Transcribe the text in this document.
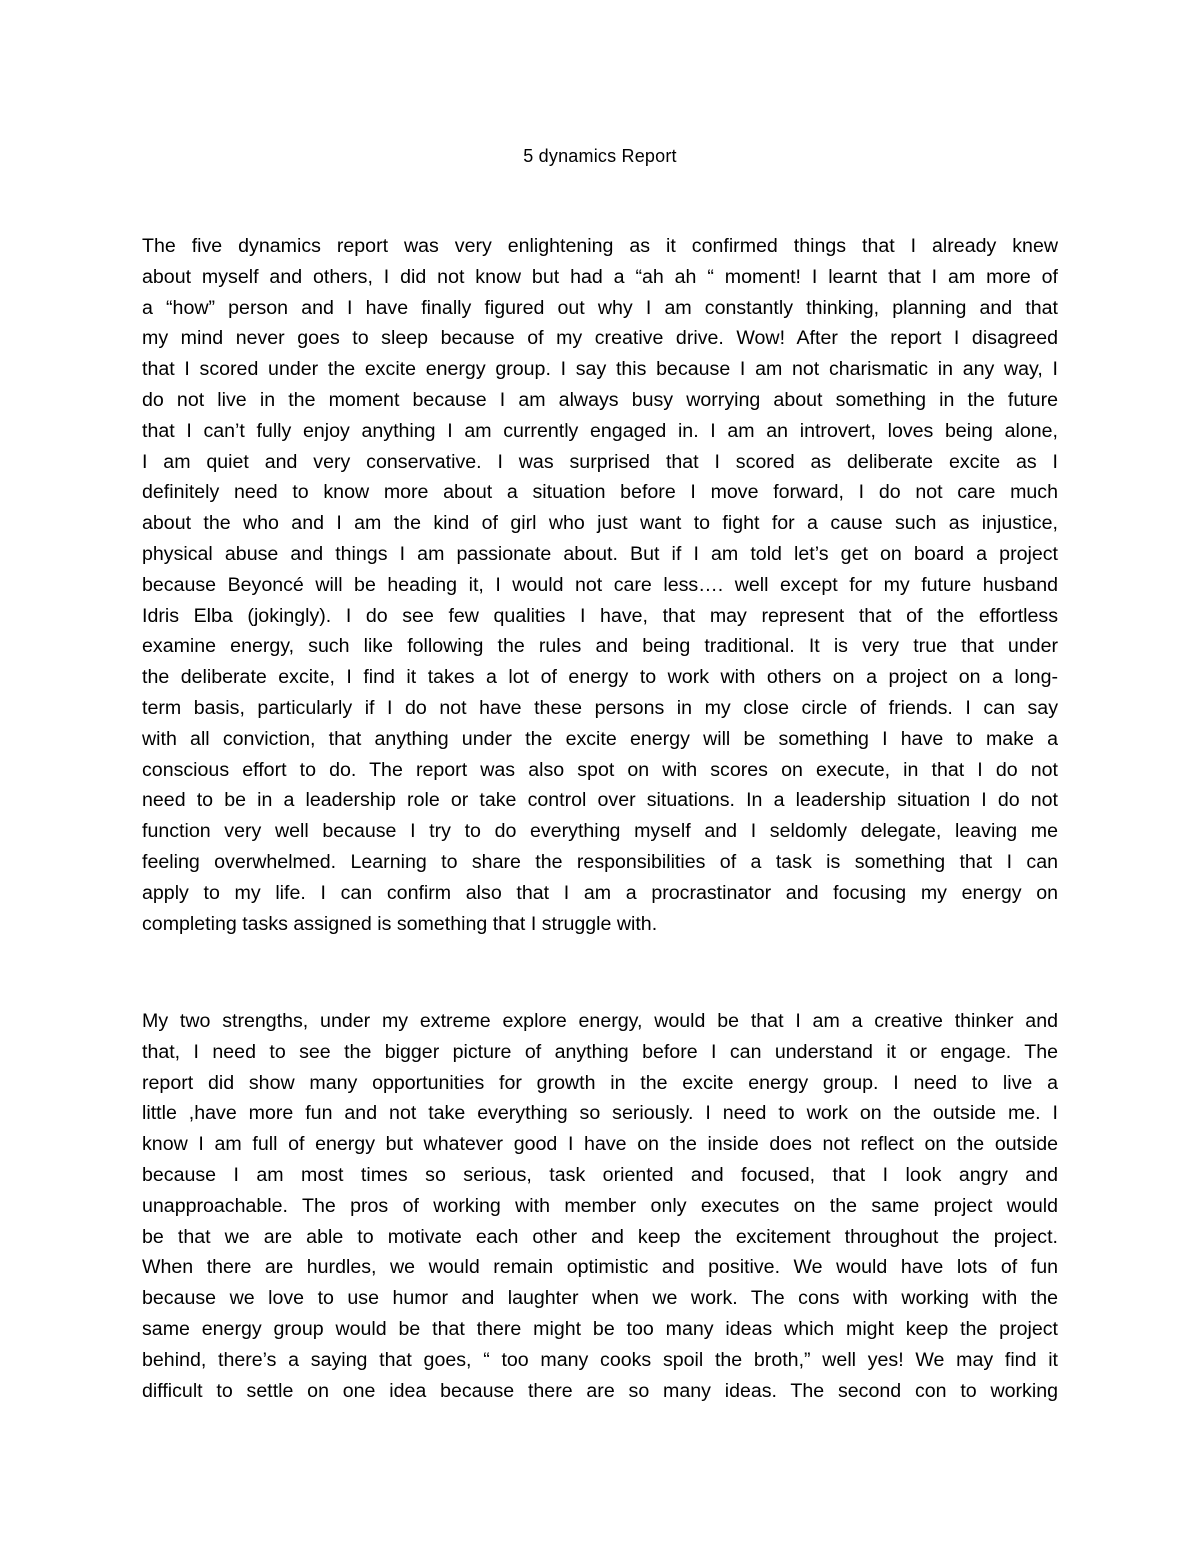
5 dynamics Report
The five dynamics report was very enlightening as it confirmed things that I already knew
about myself and others, I did not know but had a “ah ah “ moment! I learnt that I am more of
a “how” person and I have finally figured out why I am constantly thinking, planning and that
my mind never goes to sleep because of my creative drive. Wow! After the report I disagreed
that I scored under the excite energy group. I say this because I am not charismatic in any way, I
do not live in the moment because I am always busy worrying about something in the future
that I can’t fully enjoy anything I am currently engaged in. I am an introvert, loves being alone,
I am quiet and very conservative. I was surprised that I scored as deliberate excite as I
definitely need to know more about a situation before I move forward, I do not care much
about the who and I am the kind of girl who just want to fight for a cause such as injustice,
physical abuse and things I am passionate about. But if I am told let’s get on board a project
because Beyoncé will be heading it, I would not care less…. well except for my future husband
Idris Elba (jokingly). I do see few qualities I have, that may represent that of the effortless
examine energy, such like following the rules and being traditional. It is very true that under
the deliberate excite, I find it takes a lot of energy to work with others on a project on a long-
term basis, particularly if I do not have these persons in my close circle of friends. I can say
with all conviction, that anything under the excite energy will be something I have to make a
conscious effort to do. The report was also spot on with scores on execute, in that I do not
need to be in a leadership role or take control over situations. In a leadership situation I do not
function very well because I try to do everything myself and I seldomly delegate, leaving me
feeling overwhelmed. Learning to share the responsibilities of a task is something that I can
apply to my life. I can confirm also that I am a procrastinator and focusing my energy on
completing tasks assigned is something that I struggle with.
My two strengths, under my extreme explore energy, would be that I am a creative thinker and
that, I need to see the bigger picture of anything before I can understand it or engage. The
report did show many opportunities for growth in the excite energy group. I need to live a
little ,have more fun and not take everything so seriously. I need to work on the outside me. I
know I am full of energy but whatever good I have on the inside does not reflect on the outside
because I am most times so serious, task oriented and focused, that I look angry and
unapproachable. The pros of working with member only executes on the same project would
be that we are able to motivate each other and keep the excitement throughout the project.
When there are hurdles, we would remain optimistic and positive. We would have lots of fun
because we love to use humor and laughter when we work. The cons with working with the
same energy group would be that there might be too many ideas which might keep the project
behind, there’s a saying that goes, “ too many cooks spoil the broth,” well yes! We may find it
difficult to settle on one idea because there are so many ideas. The second con to working
